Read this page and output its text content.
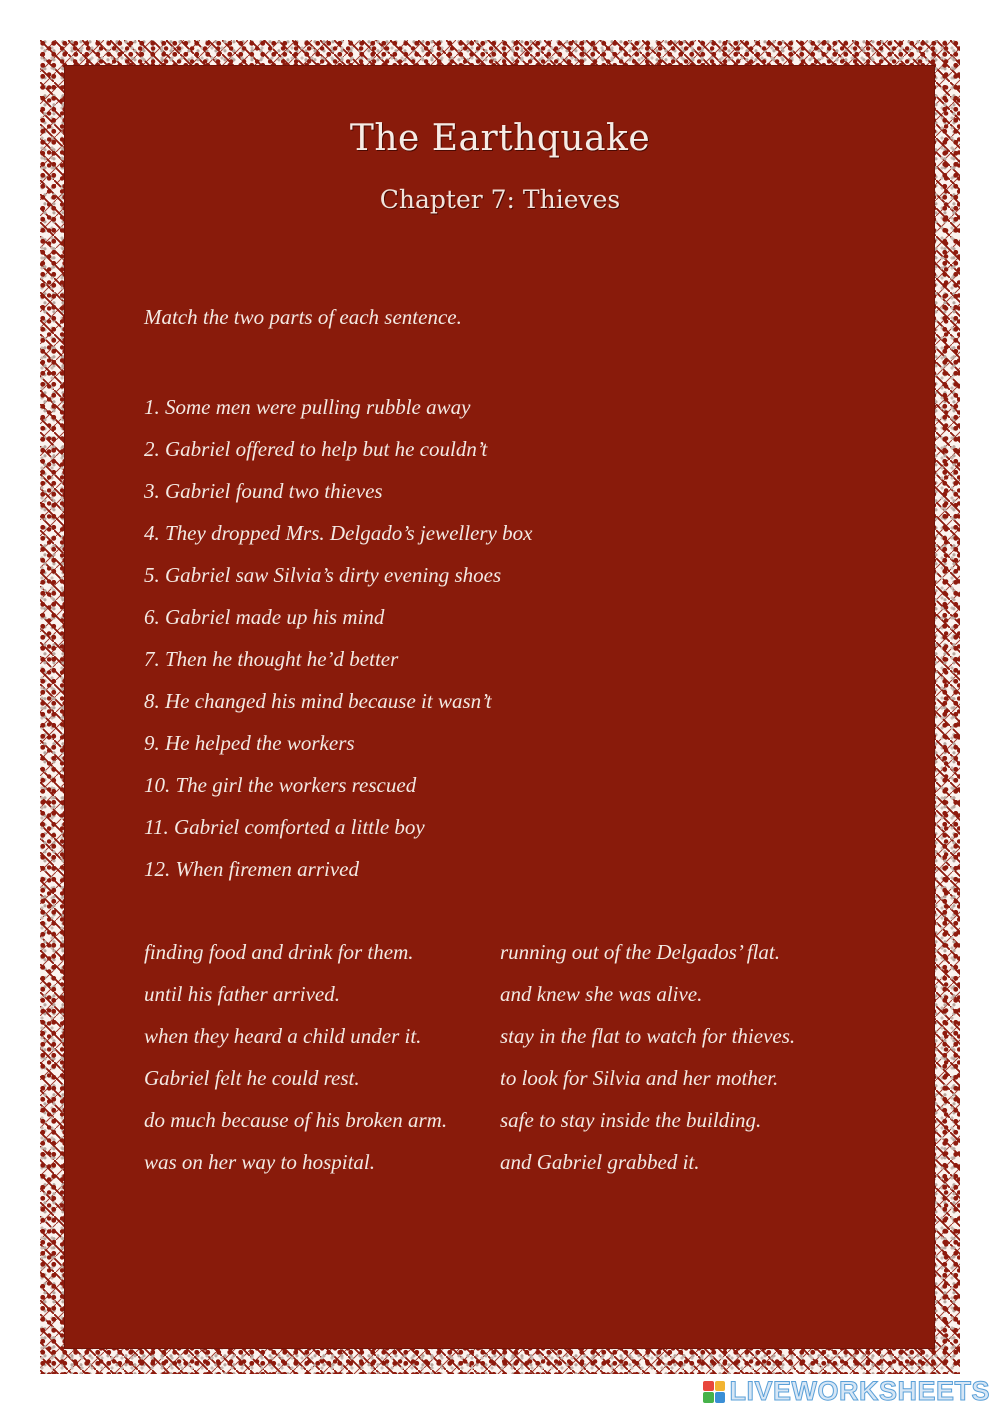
The Earthquake
Chapter 7: Thieves

Match the two parts of each sentence.

1. Some men were pulling rubble away
2. Gabriel offered to help but he couldn’t
3. Gabriel found two thieves
4. They dropped Mrs. Delgado’s jewellery box
5. Gabriel saw Silvia’s dirty evening shoes
6. Gabriel made up his mind
7. Then he thought he’d better
8. He changed his mind because it wasn’t
9. He helped the workers
10. The girl the workers rescued
11. Gabriel comforted a little boy
12. When firemen arrived
finding food and drink for them.
until his father arrived.
when they heard a child under it.
Gabriel felt he could rest.
do much because of his broken arm.
was on her way to hospital.
running out of the Delgados’ flat.
and knew she was alive.
stay in the flat to watch for thieves.
to look for Silvia and her mother.
safe to stay inside the building.
and Gabriel grabbed it.
LIVEWORKSHEETS
